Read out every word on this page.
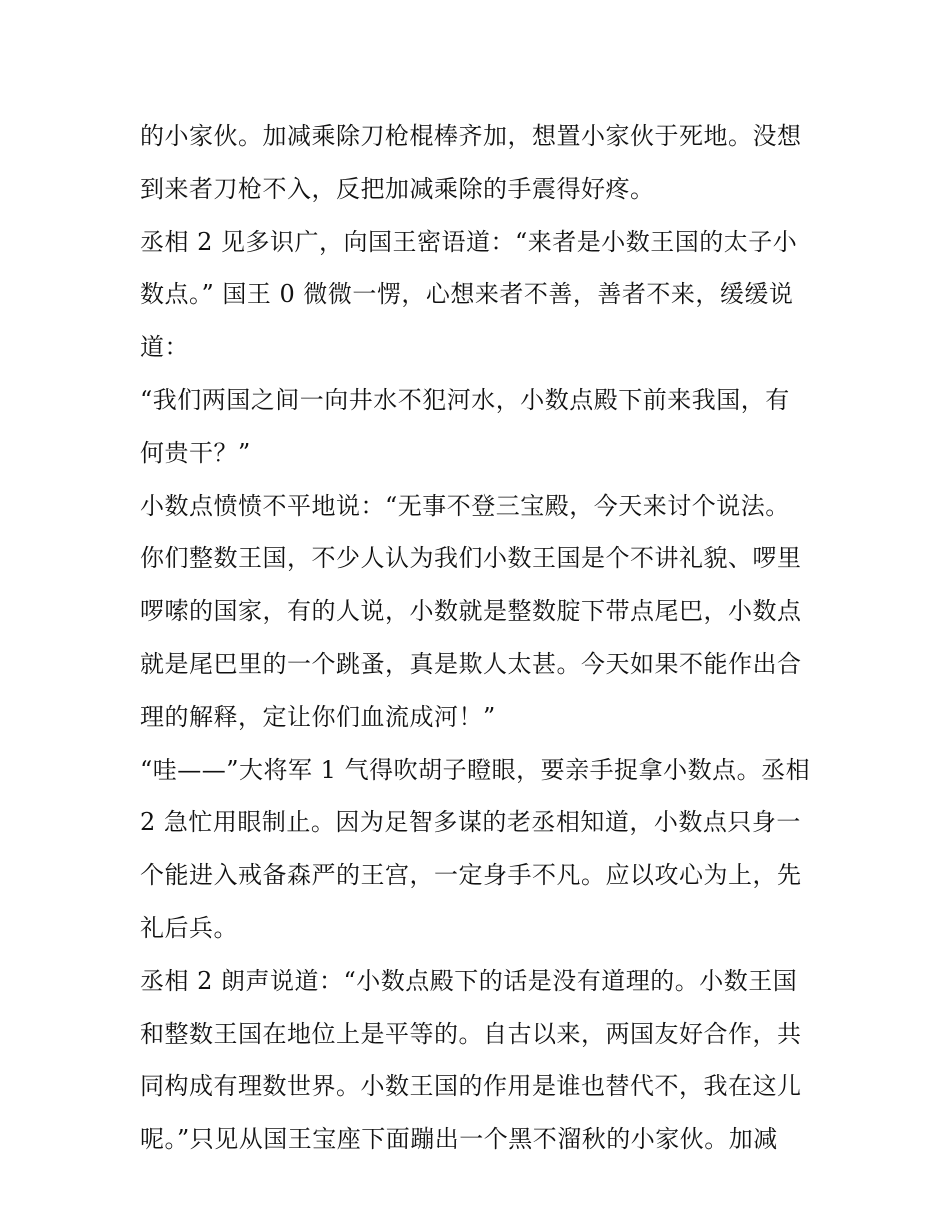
的小家伙。加减乘除刀枪棍棒齐加，想置小家伙于死地。没想
到来者刀枪不入，反把加减乘除的手震得好疼。
丞相 2 见多识广，向国王密语道：“来者是小数王国的太子小
数点。” 国王 0 微微一愣，心想来者不善，善者不来，缓缓说
道：
“我们两国之间一向井水不犯河水，小数点殿下前来我国，有
何贵干？”
小数点愤愤不平地说：“无事不登三宝殿，今天来讨个说法。
你们整数王国，不少人认为我们小数王国是个不讲礼貌、啰里
啰嗦的国家，有的人说，小数就是整数腚下带点尾巴，小数点
就是尾巴里的一个跳蚤，真是欺人太甚。今天如果不能作出合
理的解释，定让你们血流成河！”
“哇——”大将军 1 气得吹胡子瞪眼，要亲手捉拿小数点。丞相
2 急忙用眼制止。因为足智多谋的老丞相知道，小数点只身一
个能进入戒备森严的王宫，一定身手不凡。应以攻心为上，先
礼后兵。
丞相 2 朗声说道：“小数点殿下的话是没有道理的。小数王国
和整数王国在地位上是平等的。自古以来，两国友好合作，共
同构成有理数世界。小数王国的作用是谁也替代不，我在这儿
呢。”只见从国王宝座下面蹦出一个黑不溜秋的小家伙。加减
